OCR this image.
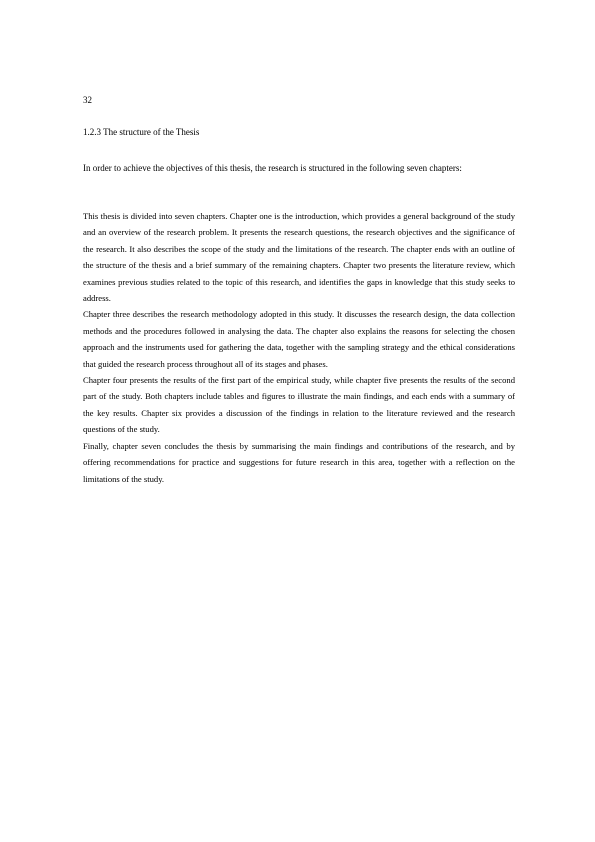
32
1.2.3 The structure of the Thesis
In order to achieve the objectives of this thesis, the research is structured in the following seven chapters:

This thesis is divided into seven chapters. Chapter one is the introduction, which provides a general background of the study and an overview of the research problem. It presents the research questions, the research objectives and the significance of the research. It also describes the scope of the study and the limitations of the research. The chapter ends with an outline of the structure of the thesis and a brief summary of the remaining chapters. Chapter two presents the literature review, which examines previous studies related to the topic of this research, and identifies the gaps in knowledge that this study seeks to address.

Chapter three describes the research methodology adopted in this study. It discusses the research design, the data collection methods and the procedures followed in analysing the data. The chapter also explains the reasons for selecting the chosen approach and the instruments used for gathering the data, together with the sampling strategy and the ethical considerations that guided the research process throughout all of its stages and phases.

Chapter four presents the results of the first part of the empirical study, while chapter five presents the results of the second part of the study. Both chapters include tables and figures to illustrate the main findings, and each ends with a summary of the key results. Chapter six provides a discussion of the findings in relation to the literature reviewed and the research questions of the study.

Finally, chapter seven concludes the thesis by summarising the main findings and contributions of the research, and by offering recommendations for practice and suggestions for future research in this area, together with a reflection on the limitations of the study.
